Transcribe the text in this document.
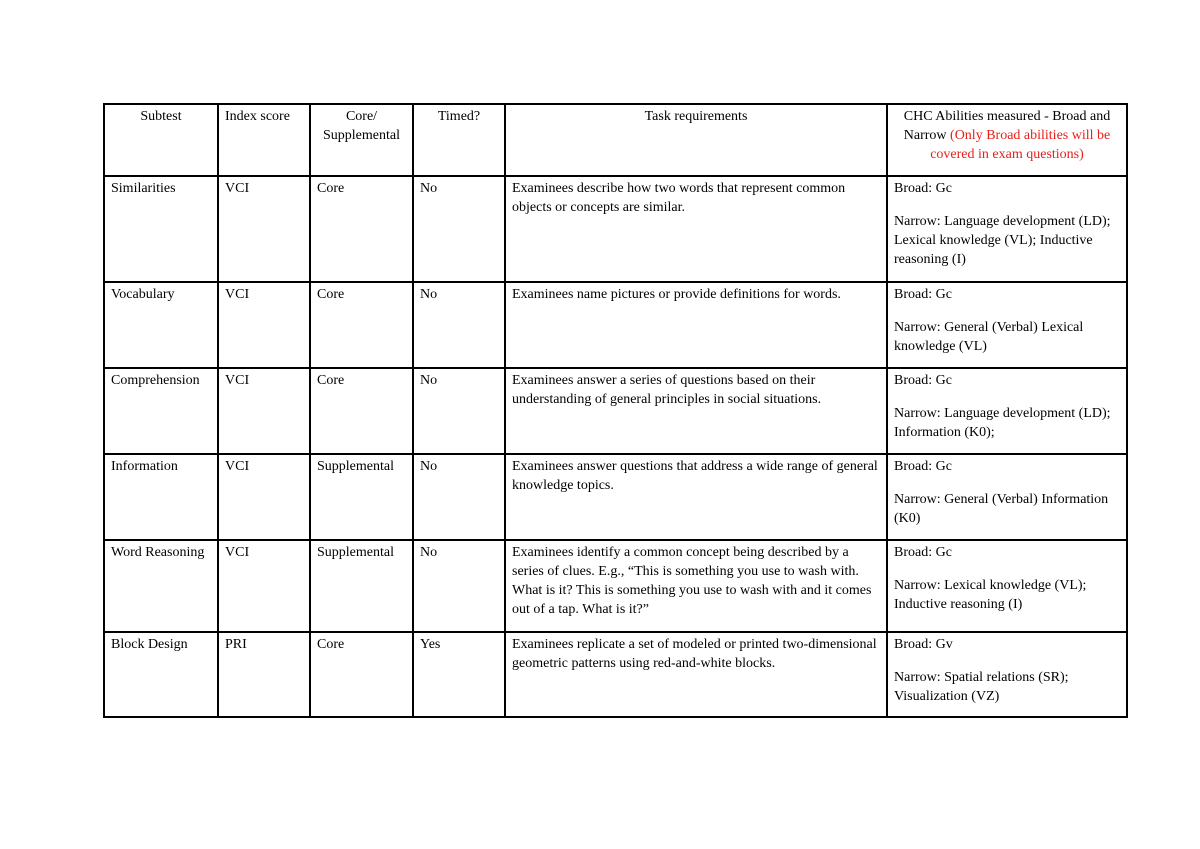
Subtest	Index score	Core/ Supplemental	Timed?	Task requirements	CHC Abilities measured - Broad and Narrow (Only Broad abilities will be covered in exam questions)
Similarities	VCI	Core	No	Examinees describe how two words that represent common objects or concepts are similar.	Broad: Gc
Narrow: Language development (LD); Lexical knowledge (VL); Inductive reasoning (I)

Vocabulary	VCI	Core	No	Examinees name pictures or provide definitions for words.	Broad: Gc
Narrow: General (Verbal) Lexical knowledge (VL)

Comprehension	VCI	Core	No	Examinees answer a series of questions based on their understanding of general principles in social situations.	Broad: Gc
Narrow: Language development (LD); Information (K0);

Information	VCI	Supplemental	No	Examinees answer questions that address a wide range of general knowledge topics.	Broad: Gc
Narrow: General (Verbal) Information (K0)

Word Reasoning	VCI	Supplemental	No	Examinees identify a common concept being described by a series of clues. E.g., “This is something you use to wash with. What is it? This is something you use to wash with and it comes out of a tap. What is it?”	Broad: Gc
Narrow: Lexical knowledge (VL); Inductive reasoning (I)

Block Design	PRI	Core	Yes	Examinees replicate a set of modeled or printed two-dimensional geometric patterns using red-and-white blocks.	Broad: Gv
Narrow: Spatial relations (SR); Visualization (VZ)
